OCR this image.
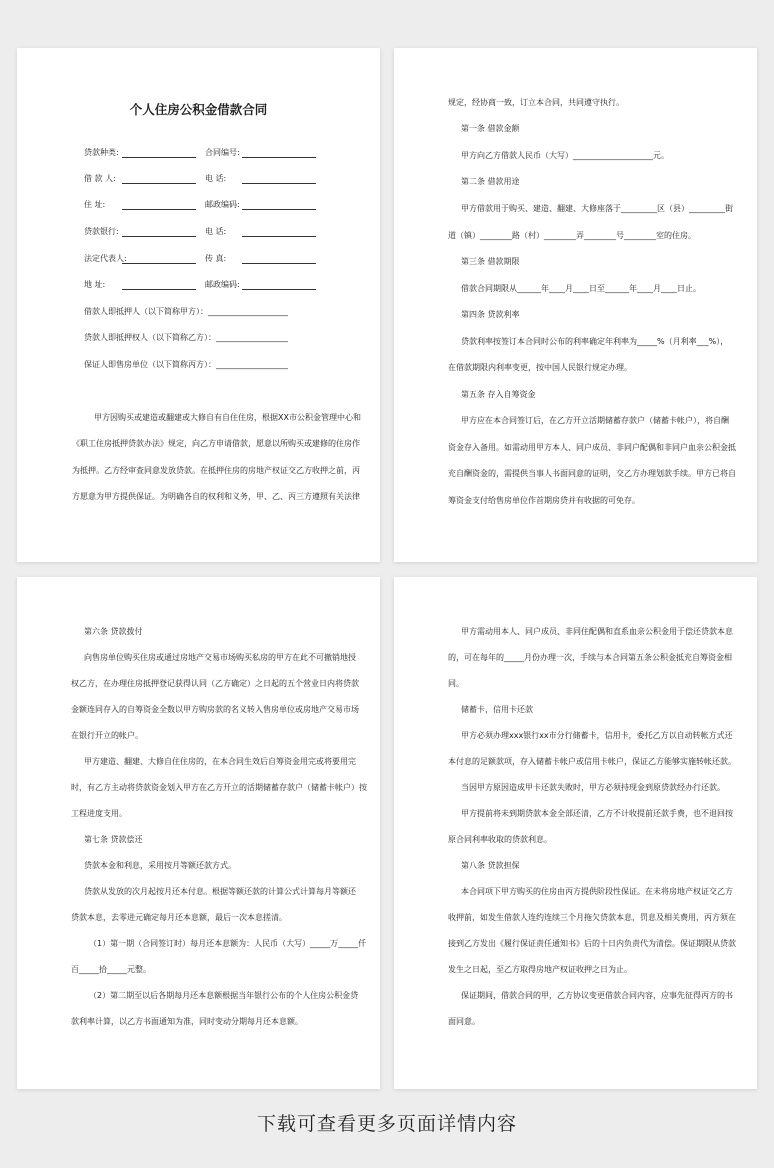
个人住房公积金借款合同
贷款种类:	合同编号:
借 款 人:	电 话:
住 址:	邮政编码:
贷款银行:	电 话:
法定代表人:	传 真:
地 址:	邮政编码:
借款人即抵押人（以下简称甲方）：____________________
贷款人即抵押权人（以下简称乙方）：__________________
保证人即售房单位（以下简称丙方）：__________________
甲方因购买或建造或翻建或大修自有自住住房，根据XX市公积金管理中心和
《职工住房抵押贷款办法》规定，向乙方申请借款，愿意以所购买或建修的住房作
为抵押。乙方经审查同意发放贷款。在抵押住房的房地产权证交乙方收押之前，丙
方愿意为甲方提供保证。为明确各自的权利和义务，甲、乙、丙三方遵照有关法律
规定，经协商一致，订立本合同，共同遵守执行。
第一条 借款金额
甲方向乙方借款人民币（大写）____________________元。
第二条 借款用途
甲方借款用于购买、建造、翻建、大修座落于_________区（县）_________街
道（镇）________路（村）________弄________号________室的住房。
第三条 借款期限
借款合同期限从______年____月____日至______年____月____日止。
第四条 贷款利率
贷款利率按签订本合同时公布的利率确定年利率为_____%（月利率___%），
在借款期限内利率变更，按中国人民银行规定办理。
第五条 存入自筹资金
甲方应在本合同签订后，在乙方开立活期储蓄存款户（储蓄卡帐户），将自酬
资金存入备用。如需动用甲方本人、同户成员、非同户配偶和非同户血亲公积金抵
充自酬资金的，需提供当事人书面同意的证明，交乙方办理划款手续。甲方已将自
筹资金支付给售房单位作首期房贷并有收据的可免存。
第六条 贷款拨付
向售房单位购买住房或通过房地产交易市场购买私房的甲方在此不可撤销地授
权乙方，在办理住房抵押登记获得认同（乙方确定）之日起的五个营业日内将贷款
金额连同存入的自筹资金全数以甲方购房款的名义转入售房单位或房地产交易市场
在银行开立的帐户。
甲方建造、翻建、大修自住住房的，在本合同生效后自筹资金用完或将要用完
时，有乙方主动将贷款资金划入甲方在乙方开立的活期储蓄存款户（储蓄卡帐户）按
工程进度支用。
第七条 贷款偿还
贷款本金和利息，采用按月等额还款方式。
贷款从发放的次月起按月还本付息。根据等额还款的计算公式计算每月等额还
贷款本息，去零进元确定每月还本息额，最后一次本息搓清。
（1）第一期（合同签订时）每月还本息额为：人民币（大写）_____万_____仟
百_____拾_____元整。
（2）第二期至以后各期每月还本息额根据当年银行公布的个人住房公积金贷
款利率计算，以乙方书面通知为准，同时变动分期每月还本息额。
甲方需动用本人、同户成员、非同住配偶和直系血亲公积金用于偿还贷款本息
的，可在每年的_____月份办理一次，手续与本合同第五条公积金抵充自筹资金相
同。
储蓄卡，信用卡还款
甲方必须办理xxx银行xx市分行储蓄卡，信用卡，委托乙方以自动转帐方式还
本付息的足额款项，存入储蓄卡帐户或信用卡帐户，保证乙方能够实施转帐还款。
当因甲方原因造成甲卡还款失败时，甲方必须持现金到原贷款经办行还款。
甲方提前将未到期贷款本金全部还清，乙方不计收提前还款手费，也不退回按
原合同利率收取的贷款利息。
第八条 贷款担保
本合同项下甲方购买的住房由丙方提供阶段性保证。在未将房地产权证交乙方
收押前，如发生借款人连约连续三个月拖欠贷款本息，罚息及相关费用，丙方须在
接到乙方发出《履行保证责任通知书》后的十日内负责代为清偿。保证期限从贷款
发生之日起，至乙方取得房地产权证收押之日为止。
保证期间，借款合同的甲，乙方协议变更借款合同内容，应事先征得丙方的书
面同意。
下载可查看更多页面详情内容
